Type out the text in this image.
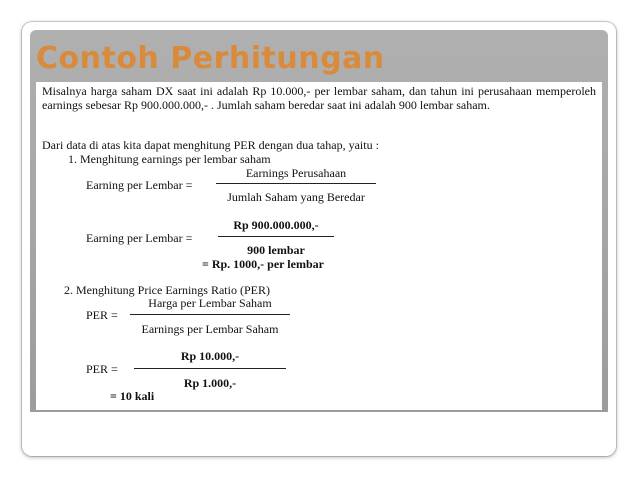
Contoh Perhitungan
Misalnya harga saham DX saat ini adalah Rp 10.000,- per lembar saham, dan tahun ini perusahaan memperoleh earnings sebesar Rp 900.000.000,- . Jumlah saham beredar saat ini adalah 900 lembar saham.
Dari data di atas kita dapat menghitung PER dengan dua tahap, yaitu :
1. Menghitung earnings per lembar saham
Earnings Perusahaan
Earning per Lembar =
Jumlah Saham yang Beredar
Rp 900.000.000,-
Earning per Lembar =
900 lembar
= Rp. 1000,- per lembar
2. Menghitung Price Earnings Ratio (PER)
Harga per Lembar Saham
PER =
Earnings per Lembar Saham
Rp 10.000,-
PER =
Rp 1.000,-
= 10 kali
